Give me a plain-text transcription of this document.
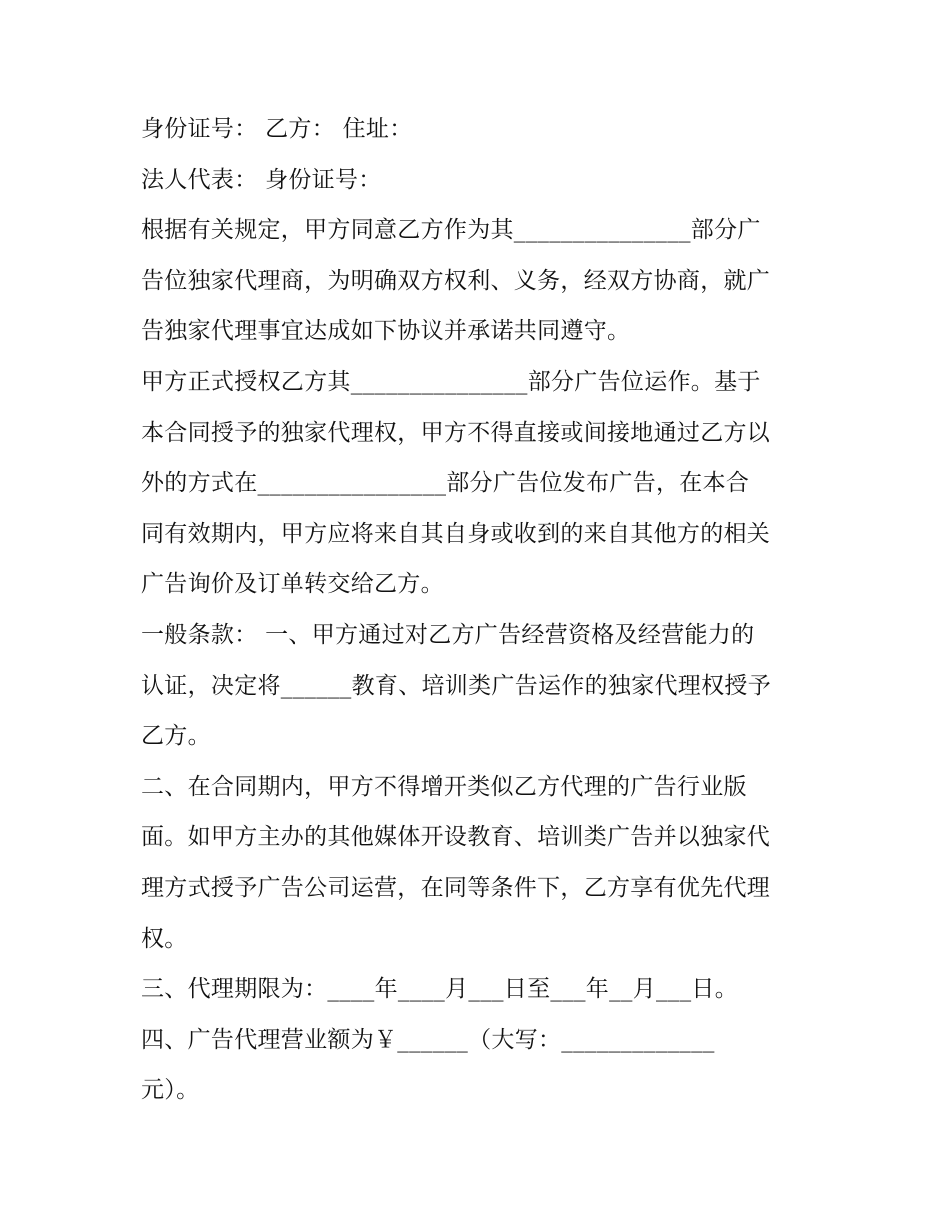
身份证号： 乙方： 住址：

法人代表： 身份证号：

根据有关规定，甲方同意乙方作为其_______________部分广
告位独家代理商，为明确双方权利、义务，经双方协商，就广
告独家代理事宜达成如下协议并承诺共同遵守。

甲方正式授权乙方其_______________部分广告位运作。基于
本合同授予的独家代理权，甲方不得直接或间接地通过乙方以
外的方式在________________部分广告位发布广告，在本合
同有效期内，甲方应将来自其自身或收到的来自其他方的相关
广告询价及订单转交给乙方。

一般条款： 一、甲方通过对乙方广告经营资格及经营能力的
认证，决定将______教育、培训类广告运作的独家代理权授予
乙方。

二、在合同期内，甲方不得增开类似乙方代理的广告行业版
面。如甲方主办的其他媒体开设教育、培训类广告并以独家代
理方式授予广告公司运营，在同等条件下，乙方享有优先代理
权。

三、代理期限为：____年____月___日至___年__月___日。

四、广告代理营业额为￥______（大写：_____________
元）。
